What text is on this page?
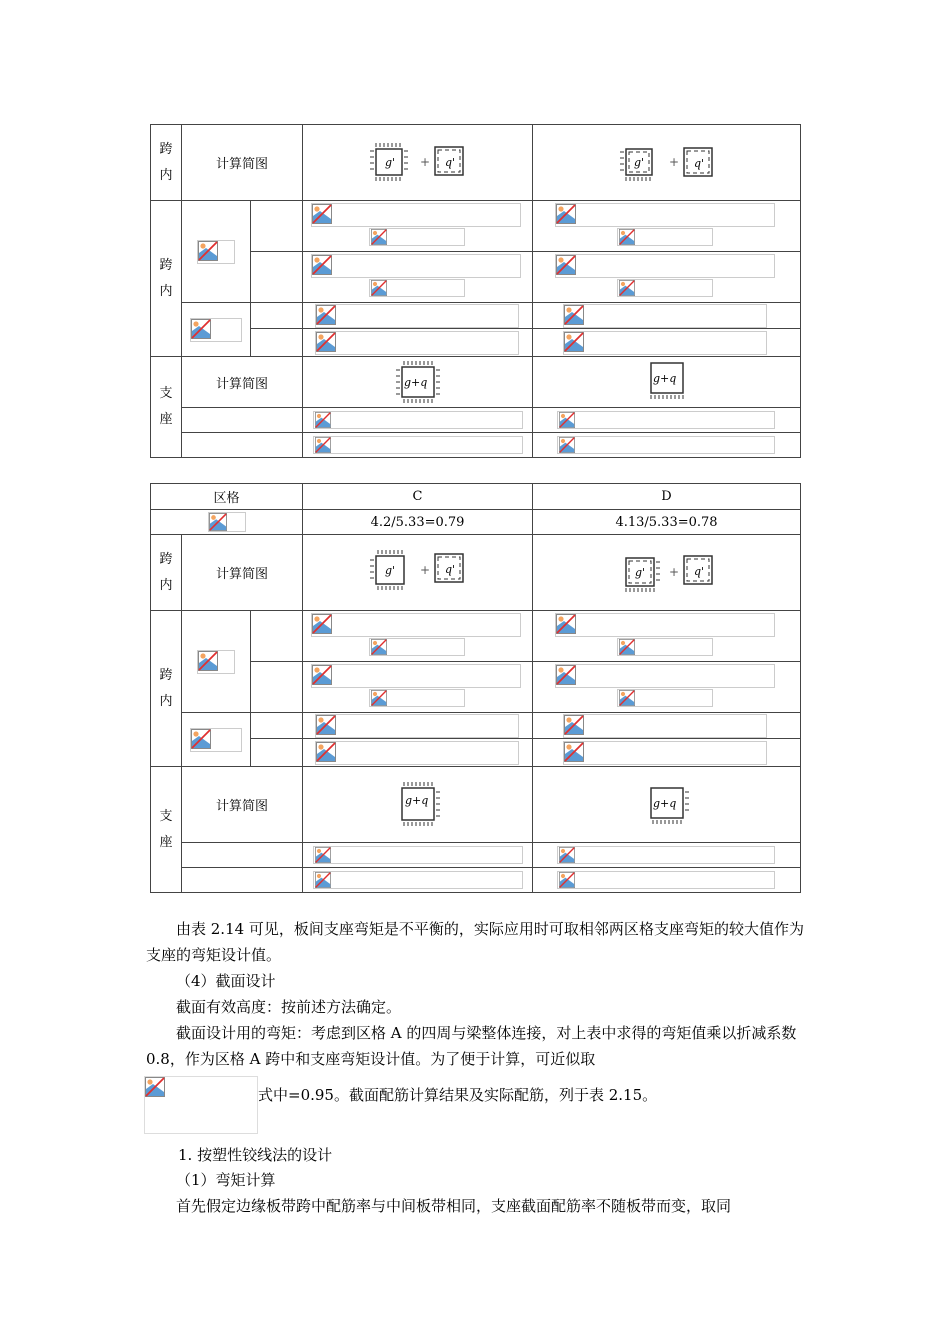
跨内	计算简图		g' + q'	g' + q'

跨内

支座	计算简图		g+q	g+q

区格			C	D

	4.2/5.33=0.79	4.13/5.33=0.78

跨内	计算简图		g' + q'	g' + q'

跨内

支座	计算简图		g+q	g+q

由表 2.14 可见，板间支座弯矩是不平衡的，实际应用时可取相邻两区格支座弯矩的较大值作为支座的弯矩设计值。
（4）截面设计
截面有效高度：按前述方法确定。
截面设计用的弯矩：考虑到区格 A 的四周与梁整体连接，对上表中求得的弯矩值乘以折减系数 0.8，作为区格 A 跨中和支座弯矩设计值。为了便于计算，可近似取
式中=0.95。截面配筋计算结果及实际配筋，列于表 2.15。
1. 按塑性铰线法的设计
（1）弯矩计算
首先假定边缘板带跨中配筋率与中间板带相同，支座截面配筋率不随板带而变，取同
